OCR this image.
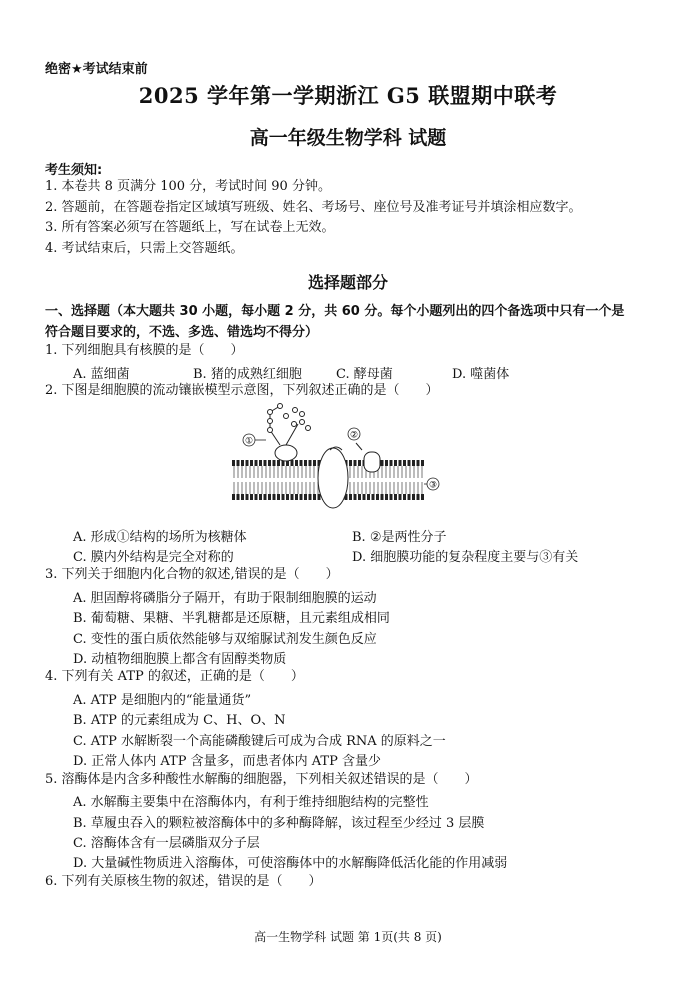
绝密★考试结束前
2025 学年第一学期浙江 G5 联盟期中联考
高一年级生物学科 试题
考生须知:
1. 本卷共 8 页满分 100 分，考试时间 90 分钟。
2. 答题前，在答题卷指定区域填写班级、姓名、考场号、座位号及准考证号并填涂相应数字。
3. 所有答案必须写在答题纸上，写在试卷上无效。
4. 考试结束后，只需上交答题纸。
选择题部分
一、选择题（本大题共 30 小题，每小题 2 分，共 60 分。每个小题列出的四个备选项中只有一个是
符合题目要求的，不选、多选、错选均不得分）
1. 下列细胞具有核膜的是（　　）
A. 蓝细菌	B. 猪的成熟红细胞	C. 酵母菌	D. 噬菌体
2. 下图是细胞膜的流动镶嵌模型示意图，下列叙述正确的是（　　）
①
②
③
A. 形成①结构的场所为核糖体	B. ②是两性分子
C. 膜内外结构是完全对称的	D. 细胞膜功能的复杂程度主要与③有关
3. 下列关于细胞内化合物的叙述,错误的是（　　）
A. 胆固醇将磷脂分子隔开，有助于限制细胞膜的运动
B. 葡萄糖、果糖、半乳糖都是还原糖，且元素组成相同
C. 变性的蛋白质依然能够与双缩脲试剂发生颜色反应
D. 动植物细胞膜上都含有固醇类物质
4. 下列有关 ATP 的叙述，正确的是（　　）
A. ATP 是细胞内的“能量通货”
B. ATP 的元素组成为 C、H、O、N
C. ATP 水解断裂一个高能磷酸键后可成为合成 RNA 的原料之一
D. 正常人体内 ATP 含量多，而患者体内 ATP 含量少
5. 溶酶体是内含多种酸性水解酶的细胞器，下列相关叙述错误的是（　　）
A. 水解酶主要集中在溶酶体内，有利于维持细胞结构的完整性
B. 草履虫吞入的颗粒被溶酶体中的多种酶降解，该过程至少经过 3 层膜
C. 溶酶体含有一层磷脂双分子层
D. 大量碱性物质进入溶酶体，可使溶酶体中的水解酶降低活化能的作用减弱
6. 下列有关原核生物的叙述，错误的是（　　）
高一生物学科 试题 第 1页(共 8 页)
